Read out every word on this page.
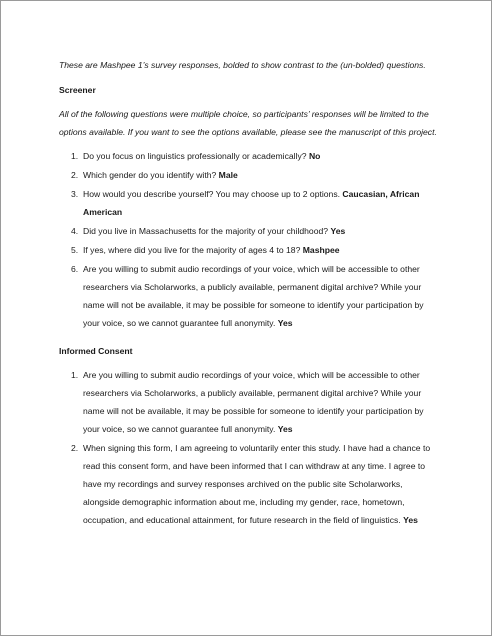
These are Mashpee 1’s survey responses, bolded to show contrast to the (un-bolded) questions.

Screener

All of the following questions were multiple choice, so participants’ responses will be limited to the options available. If you want to see the options available, please see the manuscript of this project.

1. Do you focus on linguistics professionally or academically? No
2. Which gender do you identify with? Male
3. How would you describe yourself? You may choose up to 2 options. Caucasian, African American
4. Did you live in Massachusetts for the majority of your childhood? Yes
5. If yes, where did you live for the majority of ages 4 to 18? Mashpee
6. Are you willing to submit audio recordings of your voice, which will be accessible to other researchers via Scholarworks, a publicly available, permanent digital archive? While your name will not be available, it may be possible for someone to identify your participation by your voice, so we cannot guarantee full anonymity. Yes

Informed Consent

1. Are you willing to submit audio recordings of your voice, which will be accessible to other researchers via Scholarworks, a publicly available, permanent digital archive? While your name will not be available, it may be possible for someone to identify your participation by your voice, so we cannot guarantee full anonymity. Yes
2. When signing this form, I am agreeing to voluntarily enter this study. I have had a chance to read this consent form, and have been informed that I can withdraw at any time. I agree to have my recordings and survey responses archived on the public site Scholarworks, alongside demographic information about me, including my gender, race, hometown, occupation, and educational attainment, for future research in the field of linguistics. Yes
